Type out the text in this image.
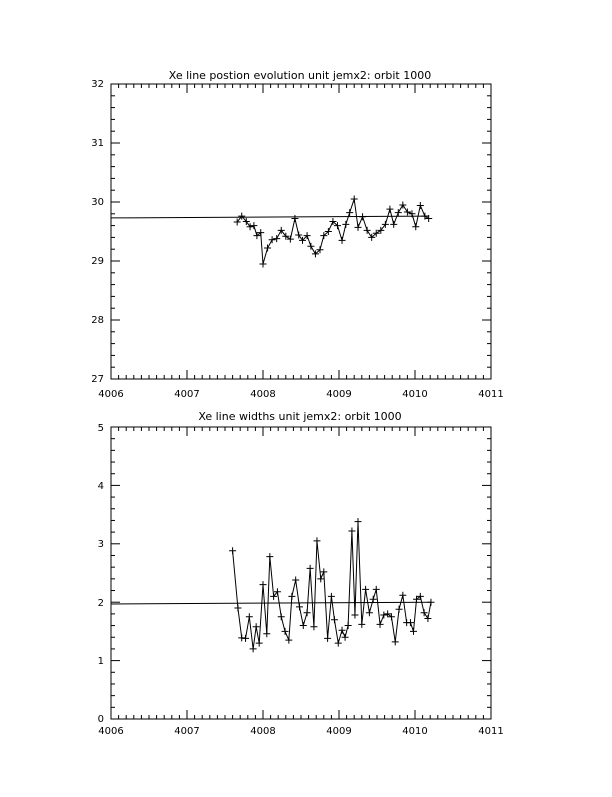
Xe line postion evolution unit jemx2: orbit 1000
4006	4007	4008	4009	4010	4011
27
28
29
30
31
32
Xe line widths unit jemx2: orbit 1000
4006	4007	4008	4009	4010	4011
0
1
2
3
4
5
